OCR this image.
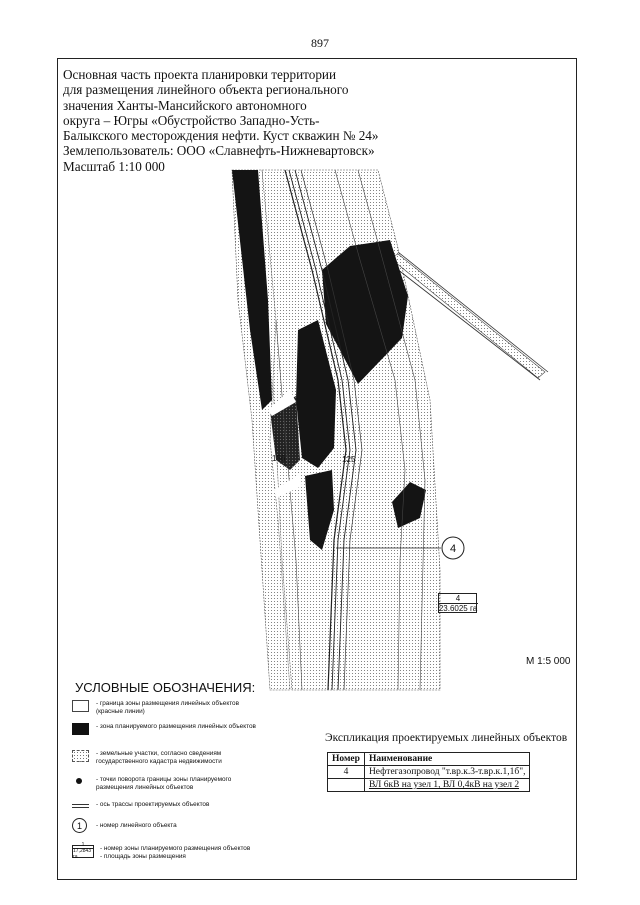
897
Основная часть проекта планировки территории
для размещения линейного объекта регионального
значения Ханты-Мансийского автономного
округа – Югры «Обустройство Западно-Усть-
Балыкского месторождения нефти. Куст скважин № 24»
Землепользователь: ООО «Славнефть-Нижневартовск»
Масштаб 1:10 000
156	125
4
4
23.6025 га
М 1:5 000
УСЛОВНЫЕ ОБОЗНАЧЕНИЯ:
- граница зоны размещения линейных объектов (красные линии)
- зона планируемого размещения линейных объектов
- земельные участки, согласно сведениям государственного кадастра недвижимости
- точки поворота границы зоны планируемого размещения линейных объектов
- ось трассы проектируемых объектов
1	- номер линейного объекта
1
17,2843 га
- номер зоны планируемого размещения объектов
- площадь зоны размещения
Экспликация проектируемых линейных объектов
Номер	Наименование
4	Нефтегазопровод "т.вр.к.3-т.вр.к.1,1б",
	ВЛ 6кВ на узел 1, ВЛ 0,4кВ на узел 2
